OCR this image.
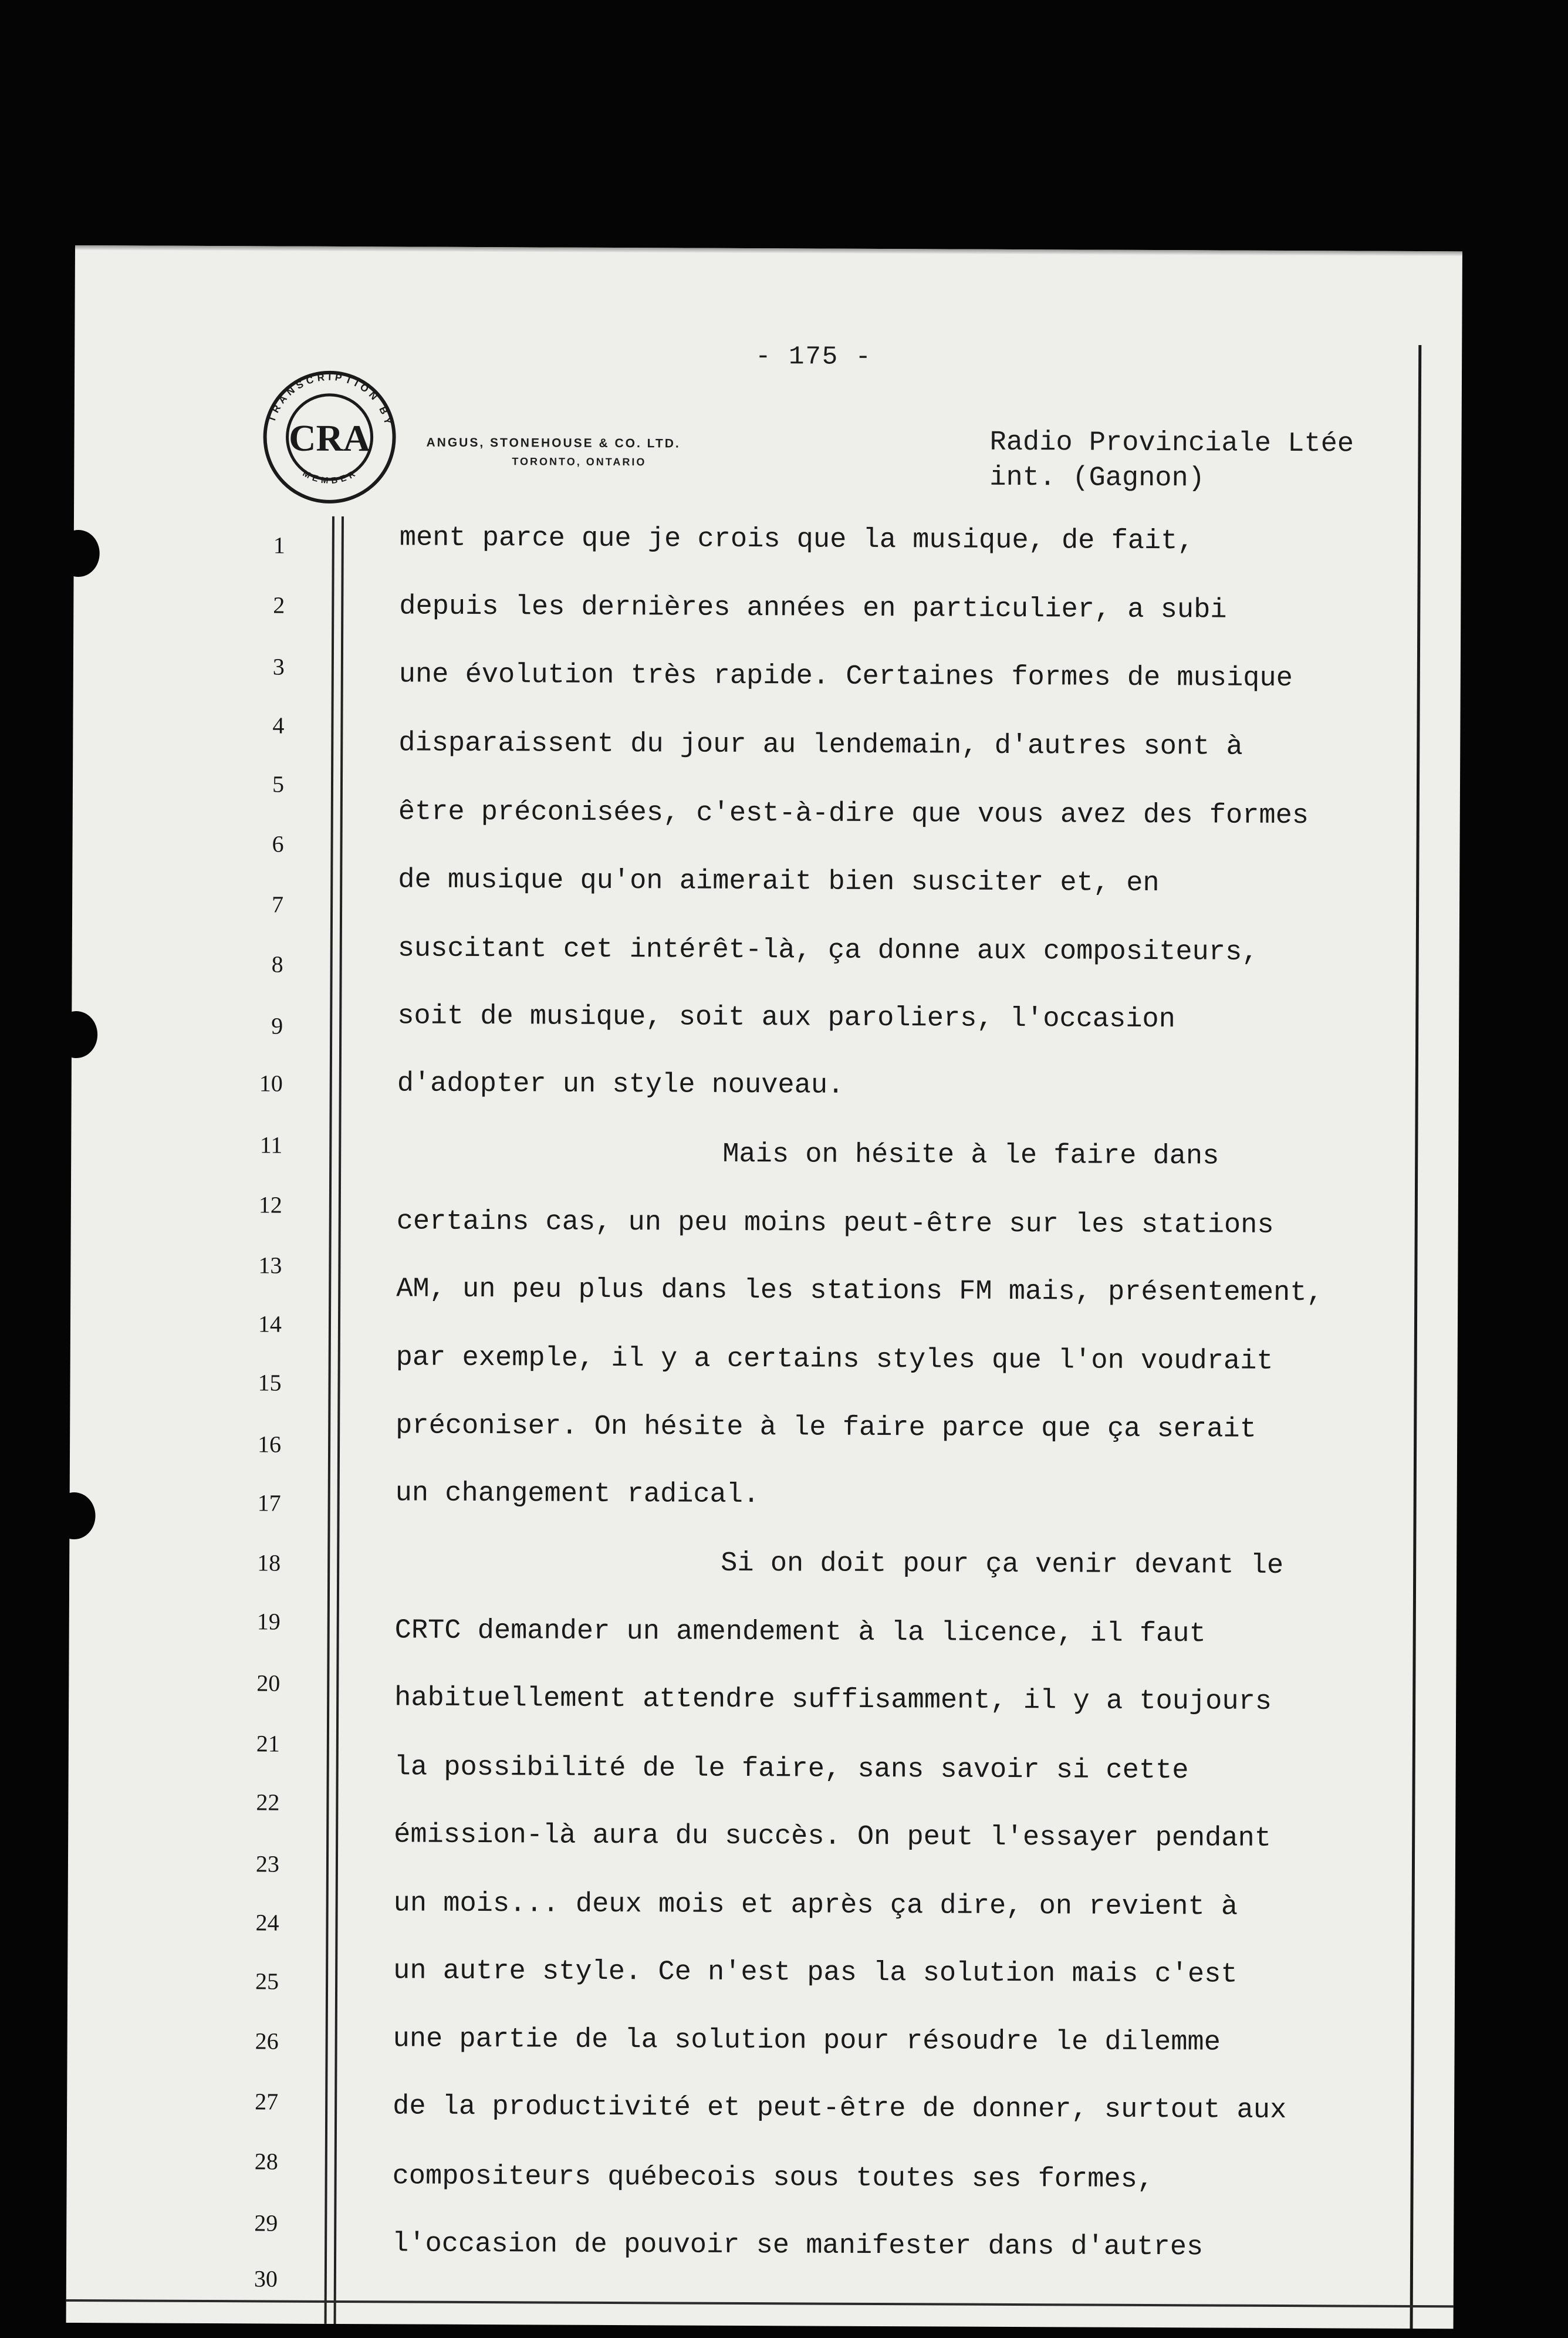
- 175 -
TRANSCRIPTION BY
MEMBER
CRA	ANGUS, STONEHOUSE & CO. LTD.
TORONTO, ONTARIO
Radio Provinciale Ltée
int. (Gagnon)
1
2
3
4
5
6
7
8
9
10
11
12
13
14
15
16
17
18
19
20
21
22
23
24
25
26
27
28
29
30
ment parce que je crois que la musique, de fait,
depuis les dernières années en particulier, a subi
une évolution très rapide. Certaines formes de musique
disparaissent du jour au lendemain, d'autres sont à
être préconisées, c'est-à-dire que vous avez des formes
de musique qu'on aimerait bien susciter et, en
suscitant cet intérêt-là, ça donne aux compositeurs,
soit de musique, soit aux paroliers, l'occasion
d'adopter un style nouveau.
Mais on hésite à le faire dans
certains cas, un peu moins peut-être sur les stations
AM, un peu plus dans les stations FM mais, présentement,
par exemple, il y a certains styles que l'on voudrait
préconiser. On hésite à le faire parce que ça serait
un changement radical.
Si on doit pour ça venir devant le
CRTC demander un amendement à la licence, il faut
habituellement attendre suffisamment, il y a toujours
la possibilité de le faire, sans savoir si cette
émission-là aura du succès. On peut l'essayer pendant
un mois... deux mois et après ça dire, on revient à
un autre style. Ce n'est pas la solution mais c'est
une partie de la solution pour résoudre le dilemme
de la productivité et peut-être de donner, surtout aux
compositeurs québecois sous toutes ses formes,
l'occasion de pouvoir se manifester dans d'autres
